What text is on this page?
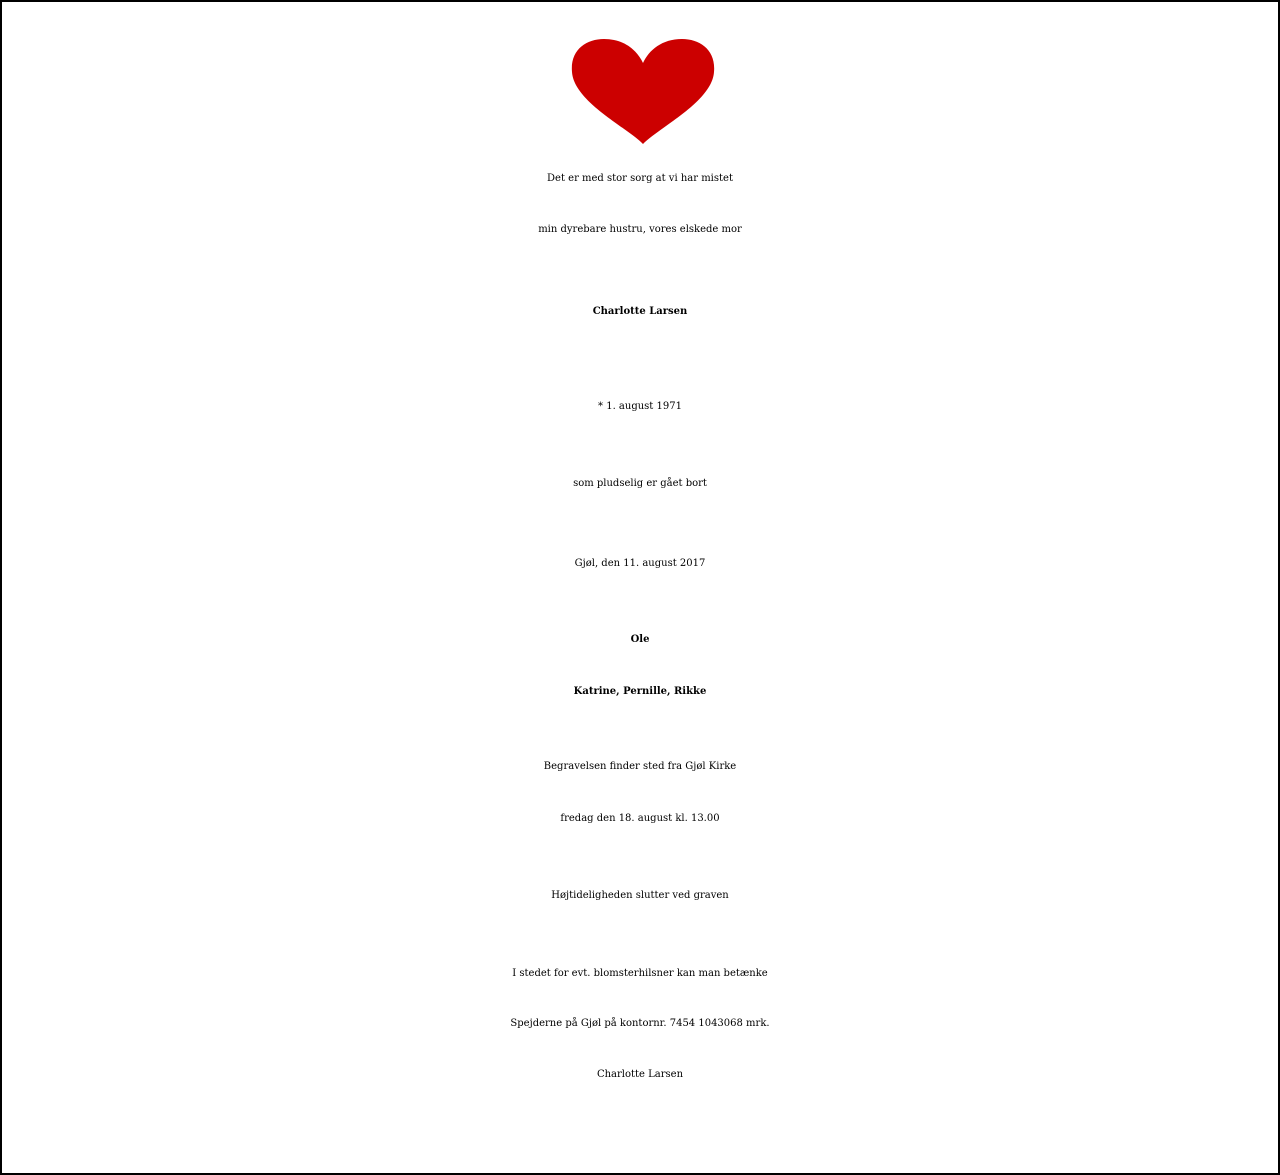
Det er med stor sorg at vi har mistet
min dyrebare hustru, vores elskede mor
Charlotte Larsen
* 1. august 1971
som pludselig er gået bort
Gjøl, den 11. august 2017
Ole
Katrine, Pernille, Rikke
Begravelsen finder sted fra Gjøl Kirke
fredag den 18. august kl. 13.00
Højtideligheden slutter ved graven
I stedet for evt. blomsterhilsner kan man betænke
Spejderne på Gjøl på kontornr. 7454 1043068 mrk.
Charlotte Larsen
